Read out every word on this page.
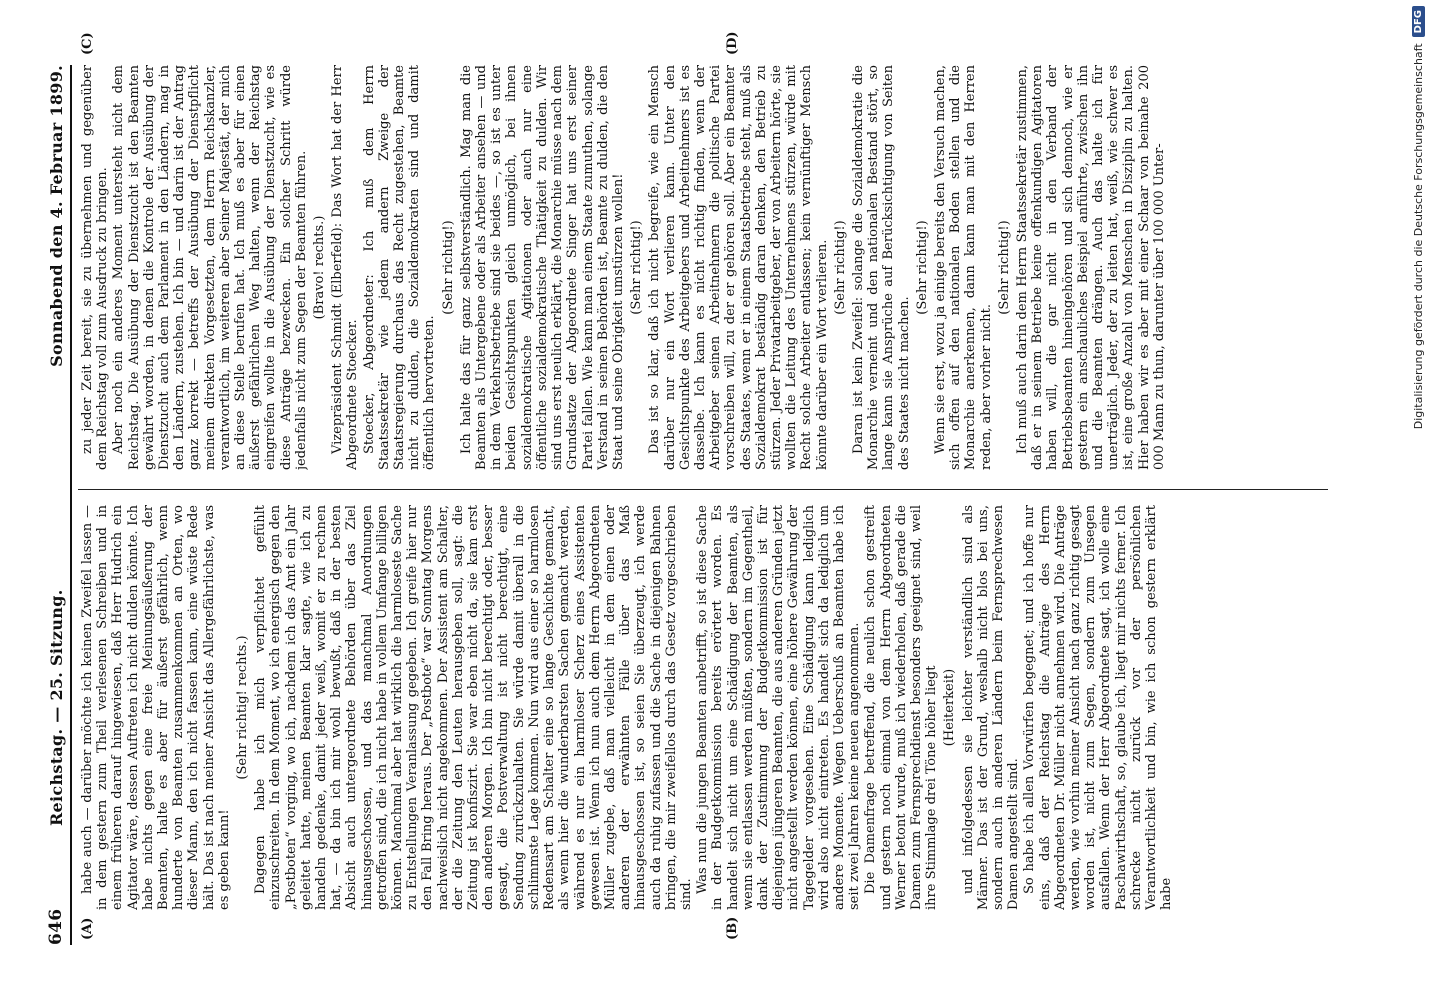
646
Reichstag. — 25. Sitzung.
Sonnabend den 4. Februar 1899.
(A)	(B)
(C)	(D)

habe auch — darüber möchte ich keinen Zweifel lassen — in dem gestern zum Theil verlesenen Schreiben und in einem früheren darauf hingewiesen, daß Herr Hudrich ein Agitator wäre, dessen Auftreten ich nicht dulden könnte. Ich habe nichts gegen eine freie Meinungsäußerung der Beamten, halte es aber für äußerst gefährlich, wenn hunderte von Beamten zusammenkommen an Orten, wo dieser Mann, den ich nicht fassen kann, eine wüste Rede hält. Das ist nach meiner Ansicht das Allergefährlichste, was es geben kann!

(Sehr richtig! rechts.) Dagegen habe ich mich verpflichtet gefühlt einzuschreiten. In dem Moment, wo ich energisch gegen den „Postboten“ vorging, wo ich, nachdem ich das Amt ein Jahr geleitet hatte, meinen Beamten klar sagte, wie ich zu handeln gedenke, damit jeder weiß, womit er zu rechnen hat, — da bin ich mir wohl bewußt, daß in der besten Absicht auch untergeordnete Behörden über das Ziel hinausgeschossen, und das manchmal Anordnungen getroffen sind, die ich nicht habe in vollem Umfange billigen können. Manchmal aber hat wirklich die harmloseste Sache zu Entstellungen Veranlassung gegeben. Ich greife hier nur den Fall Bring heraus. Der „Postbote“ war Sonntag Morgens nachweislich nicht angekommen. Der Assistent am Schalter, der die Zeitung den Leuten herausgeben soll, sagt: die Zeitung ist konfiszirt. Sie war eben nicht da, sie kam erst den anderen Morgen. Ich bin nicht berechtigt oder, besser gesagt, die Postverwaltung ist nicht berechtigt, eine Sendung zurückzuhalten. Sie würde damit überall in die schlimmste Lage kommen. Nun wird aus einer so harmlosen Redensart am Schalter eine so lange Geschichte gemacht, als wenn hier die wunderbarsten Sachen gemacht werden, während es nur ein harmloser Scherz eines Assistenten gewesen ist. Wenn ich nun auch dem Herrn Abgeordneten Müller zugebe, daß man vielleicht in dem einen oder anderen der erwähnten Fälle über das Maß hinausgeschossen ist, so seien Sie überzeugt, ich werde auch da ruhig zufassen und die Sache in diejenigen Bahnen bringen, die mir zweifellos durch das Gesetz vorgeschrieben sind.

Was nun die jungen Beamten anbetrifft, so ist diese Sache in der Budgetkommission bereits erörtert worden. Es handelt sich nicht um eine Schädigung der Beamten, als wenn sie entlassen werden müßten, sondern im Gegentheil, dank der Zustimmung der Budgetkommission ist für diejenigen jüngeren Beamten, die aus anderen Gründen jetzt nicht angestellt werden können, eine höhere Gewährung der Tagegelder vorgesehen. Eine Schädigung kann lediglich wird also nicht eintreten. Es handelt sich da lediglich um andere Momente. Wegen Ueberschuß an Beamten habe ich seit zwei Jahren keine neuen angenommen. Die Damenfrage betreffend, die neulich schon gestreift und gestern noch einmal von dem Herrn Abgeordneten Werner betont wurde, muß ich wiederholen, daß gerade die Damen zum Fernsprechdienst besonders geeignet sind, weil ihre Stimmlage drei Töne höher liegt (Heiterkeit) und infolgedessen sie leichter verständlich sind als Männer. Das ist der Grund, weshalb nicht blos bei uns, sondern auch in anderen Ländern beim Fernsprechwesen Damen angestellt sind. So habe ich allen Vorwürfen begegnet; und ich hoffe nur eins, daß der Reichstag die Anträge des Herrn Abgeordneten Dr. Müller nicht annehmen wird. Die Anträge werden, wie vorhin meiner Ansicht nach ganz richtig gesagt worden ist, nicht zum Segen, sondern zum Unsegen ausfallen. Wenn der Herr Abgeordnete sagt, ich wolle eine Paschawirthschaft, so, glaube ich, liegt mir nichts ferner. Ich schrecke nicht zurück vor der persönlichen Verantwortlichkeit und bin, wie ich schon gestern erklärt habe

zu jeder Zeit bereit, sie zu übernehmen und gegenüber dem Reichstag voll zum Ausdruck zu bringen. Aber noch ein anderes Moment untersteht nicht dem Reichstag. Die Ausübung der Dienstzucht ist den Beamten gewährt worden, in denen die Kontrole der Ausübung der Dienstzucht auch dem Parlament in den Ländern, mag in den Ländern, zustehen. Ich bin — und darin ist der Antrag ganz korrekt — betreffs der Ausübung der Dienstpflicht meinem direkten Vorgesetzten, dem Herrn Reichskanzler, verantwortlich, im weiteren aber Seiner Majestät, der mich an diese Stelle berufen hat. Ich muß es aber für einen äußerst gefährlichen Weg halten, wenn der Reichstag eingreifen wollte in die Ausübung der Dienstzucht, wie es diese Anträge bezwecken. Ein solcher Schritt würde jedenfalls nicht zum Segen der Beamten führen. (Bravo! rechts.) Vizepräsident Schmidt (Elberfeld): Das Wort hat der Herr Abgeordnete Stoecker. Stoecker, Abgeordneter: Ich muß dem Herrn Staatssekretär wie jedem andern Zweige der Staatsregierung durchaus das Recht zugestehen, Beamte nicht zu dulden, die Sozialdemokraten sind und damit öffentlich hervortreten.

(Sehr richtig!) Ich halte das für ganz selbstverständlich. Mag man die Beamten als Untergebene oder als Arbeiter ansehen — und in dem Verkehrsbetriebe sind sie beides —, so ist es unter beiden Gesichtspunkten gleich unmöglich, bei ihnen sozialdemokratische Agitationen oder auch nur eine öffentliche sozialdemokratische Thätigkeit zu dulden. Wir sind uns erst neulich erklärt, die Monarchie müsse nach dem Grundsatze der Abgeordnete Singer hat uns erst seiner Partei fallen. Wie kann man einem Staate zumuthen, solange Verstand in seinen Behörden ist, Beamte zu dulden, die den Staat und seine Obrigkeit umstürzen wollen! (Sehr richtig!) Das ist so klar, daß ich nicht begreife, wie ein Mensch darüber nur ein Wort verlieren kann. Unter den Gesichtspunkte des Arbeitgebers und Arbeitnehmers ist es dasselbe. Ich kann es nicht richtig finden, wenn der Arbeitgeber seinen Arbeitnehmern die politische Partei vorschreiben will, zu der er gehören soll. Aber ein Beamter des Staates, wenn er in einem Staatsbetriebe steht, muß als Sozialdemokrat beständig daran denken, den Betrieb zu stürzen. Jeder Privatarbeitgeber, der von Arbeitern hörte, sie wollten die Leitung des Unternehmens stürzen, würde mit Recht solche Arbeiter entlassen; kein vernünftiger Mensch könnte darüber ein Wort verlieren. (Sehr richtig!) Daran ist kein Zweifel: solange die Sozialdemokratie die Monarchie verneint und den nationalen Bestand stört, so lange kann sie Ansprüche auf Berücksichtigung von Seiten des Staates nicht machen.

(Sehr richtig!) Wenn sie erst, wozu ja einige bereits den Versuch machen, sich offen auf den nationalen Boden stellen und die Monarchie anerkennen, dann kann man mit den Herren reden, aber vorher nicht.

(Sehr richtig!) Ich muß auch darin dem Herrn Staatssekretär zustimmen, daß er in seinem Betriebe keine offenkundigen Agitatoren haben will, die gar nicht in den Verband der Betriebsbeamten hineingehören und sich dennoch, wie er gestern ein anschauliches Beispiel anführte, zwischen ihn und die Beamten drängen. Auch das halte ich für unerträglich. Jeder, der zu leiten hat, weiß, wie schwer es ist, eine große Anzahl von Menschen in Disziplin zu halten. Hier haben wir es aber mit einer Schaar von beinahe 200 000 Mann zu thun, darunter über 100 000 Unter-	Digitalisierung gefördert durch die Deutsche Forschungsgemeinschaft
DFG
